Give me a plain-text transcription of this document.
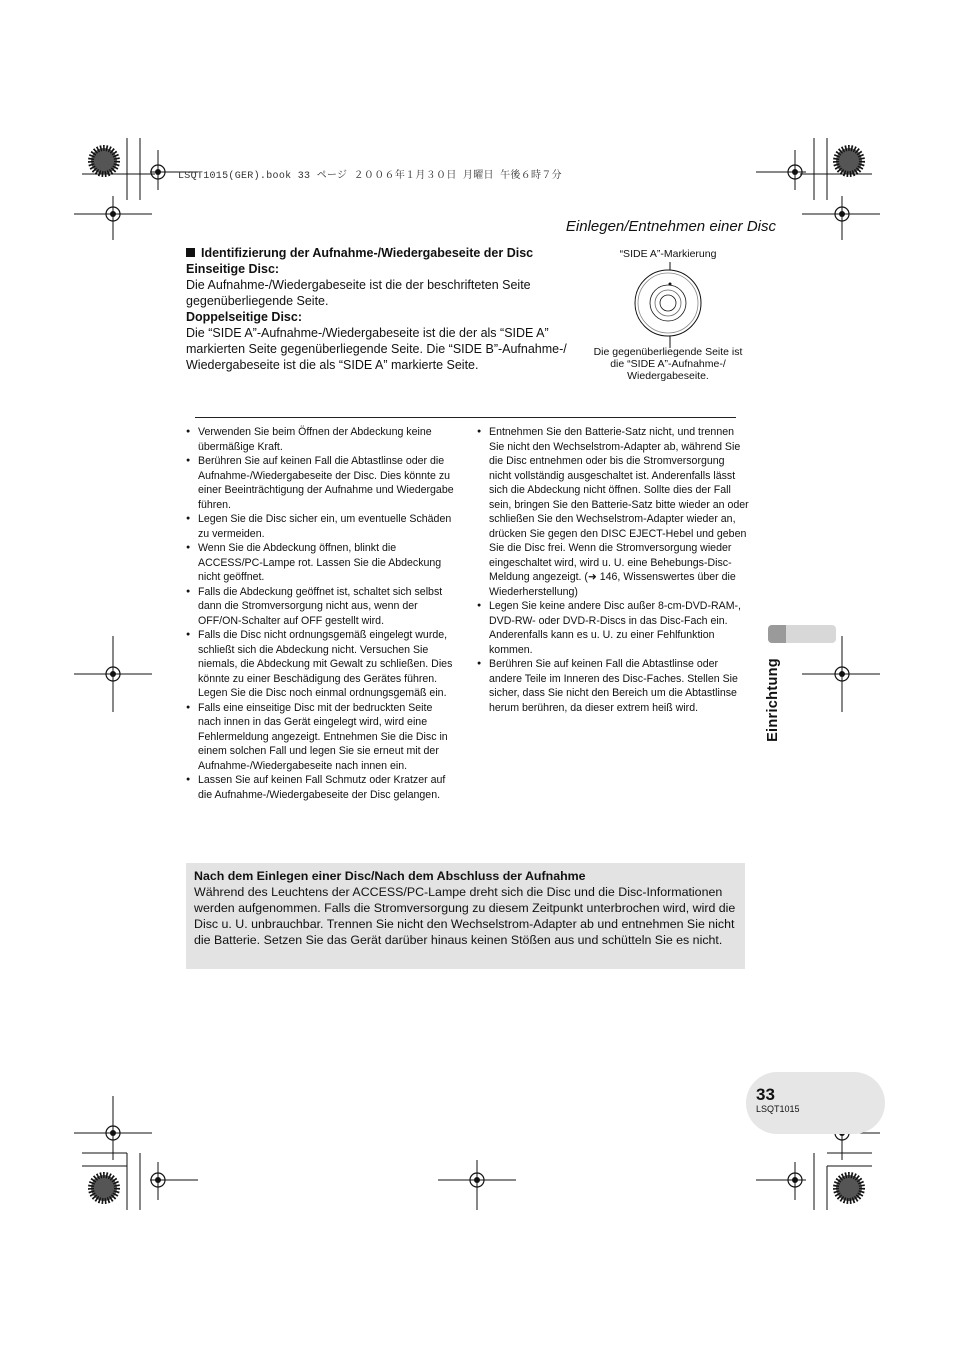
LSQT1015(GER).book 33 ページ ２００６年１月３０日 月曜日 午後６時７分
Einlegen/Entnehmen einer Disc

Identifizierung der Aufnahme-/Wiedergabeseite der Disc

Einseitige Disc:

Die Aufnahme-/Wiedergabeseite ist die der beschrifteten Seite gegenüberliegende Seite.

Doppelseitige Disc:

Die “SIDE A”-Aufnahme-/Wiedergabeseite ist die der als “SIDE A” markierten Seite gegenüberliegende Seite. Die “SIDE B”-Aufnahme-/ Wiedergabeseite ist die als “SIDE A” markierte Seite.

“SIDE A”-Markierung
Die gegenüberliegende Seite ist die “SIDE A”-Aufnahme-/ Wiedergabeseite.
● Verwenden Sie beim Öffnen der Abdeckung keine übermäßige Kraft.
● Berühren Sie auf keinen Fall die Abtastlinse oder die Aufnahme-/Wiedergabeseite der Disc. Dies könnte zu einer Beeinträchtigung der Aufnahme und Wiedergabe führen.
● Legen Sie die Disc sicher ein, um eventuelle Schäden zu vermeiden.
● Wenn Sie die Abdeckung öffnen, blinkt die ACCESS/PC-Lampe rot. Lassen Sie die Abdeckung nicht geöffnet.
● Falls die Abdeckung geöffnet ist, schaltet sich selbst dann die Stromversorgung nicht aus, wenn der OFF/ON-Schalter auf OFF gestellt wird.
● Falls die Disc nicht ordnungsgemäß eingelegt wurde, schließt sich die Abdeckung nicht. Versuchen Sie niemals, die Abdeckung mit Gewalt zu schließen. Dies könnte zu einer Beschädigung des Gerätes führen. Legen Sie die Disc noch einmal ordnungsgemäß ein.
● Falls eine einseitige Disc mit der bedruckten Seite nach innen in das Gerät eingelegt wird, wird eine Fehlermeldung angezeigt. Entnehmen Sie die Disc in einem solchen Fall und legen Sie sie erneut mit der Aufnahme-/Wiedergabeseite nach innen ein.
● Lassen Sie auf keinen Fall Schmutz oder Kratzer auf die Aufnahme-/Wiedergabeseite der Disc gelangen.
● Entnehmen Sie den Batterie-Satz nicht, und trennen Sie nicht den Wechselstrom-Adapter ab, während Sie die Disc entnehmen oder bis die Stromversorgung nicht vollständig ausgeschaltet ist. Anderenfalls lässt sich die Abdeckung nicht öffnen. Sollte dies der Fall sein, bringen Sie den Batterie-Satz bitte wieder an oder schließen Sie den Wechselstrom-Adapter wieder an, drücken Sie gegen den DISC EJECT-Hebel und geben Sie die Disc frei. Wenn die Stromversorgung wieder eingeschaltet wird, wird u. U. eine Behebungs-Disc-Meldung angezeigt. (➜ 146, Wissenswertes über die Wiederherstellung)
● Legen Sie keine andere Disc außer 8-cm-DVD-RAM-, DVD-RW- oder DVD-R-Discs in das Disc-Fach ein. Anderenfalls kann es u. U. zu einer Fehlfunktion kommen.
● Berühren Sie auf keinen Fall die Abtastlinse oder andere Teile im Inneren des Disc-Faches. Stellen Sie sicher, dass Sie nicht den Bereich um die Abtastlinse herum berühren, da dieser extrem heiß wird.
Nach dem Einlegen einer Disc/Nach dem Abschluss der Aufnahme
Während des Leuchtens der ACCESS/PC-Lampe dreht sich die Disc und die Disc-Informationen werden aufgenommen. Falls die Stromversorgung zu diesem Zeitpunkt unterbrochen wird, wird die Disc u. U. unbrauchbar. Trennen Sie nicht den Wechselstrom-Adapter ab und entnehmen Sie nicht die Batterie. Setzen Sie das Gerät darüber hinaus keinen Stößen aus und schütteln Sie es nicht.
Einrichtung
33
LSQT1015
